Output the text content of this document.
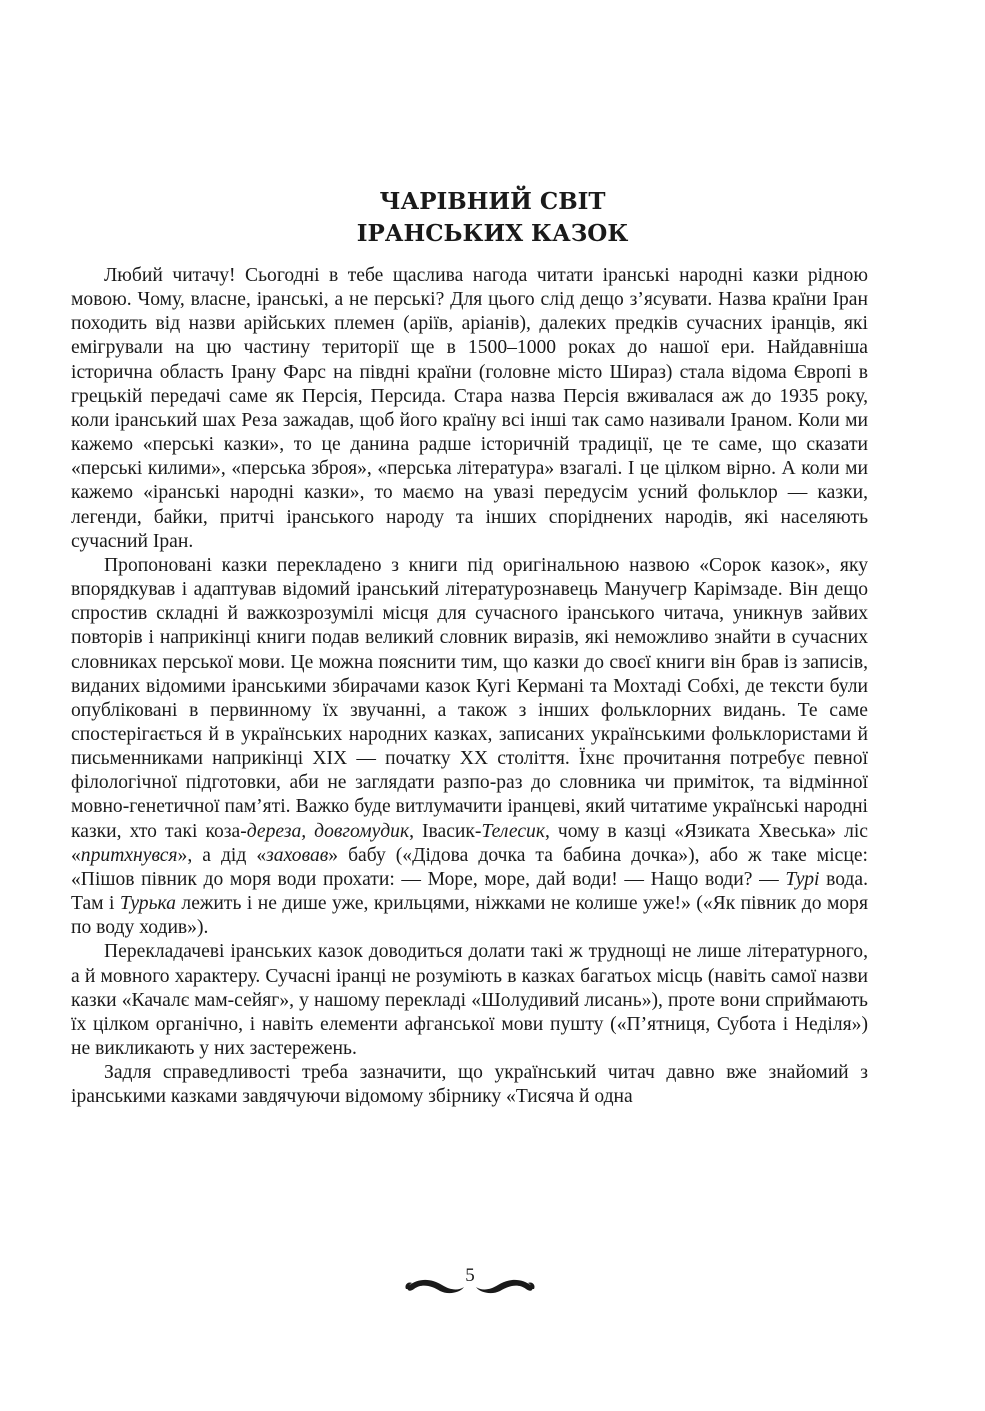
ЧАРІВНИЙ СВІТ
ІРАНСЬКИХ КАЗОК

Любий читачу! Сьогодні в тебе щаслива нагода читати іранські народні казки рідною мовою. Чому, власне, іранські, а не перські? Для цього слід дещо з’ясувати. Назва країни Іран походить від назви арійських племен (аріїв, аріанів), далеких предків сучасних іранців, які емігрували на цю частину території ще в 1500–1000 роках до нашої ери. Найдавніша історична область Ірану Фарс на півдні країни (головне місто Шираз) стала відома Європі в грецькій передачі саме як Персія, Персида. Стара назва Персія вживалася аж до 1935 року, коли іранський шах Реза зажадав, щоб його країну всі інші так само називали Іраном. Коли ми кажемо «перські казки», то це данина радше історичній традиції, це те саме, що сказати «перські килими», «перська зброя», «перська література» взагалі. І це цілком вірно. А коли ми кажемо «іранські народні казки», то маємо на увазі передусім усний фольклор — казки, легенди, байки, притчі іранського народу та інших споріднених народів, які населяють сучасний Іран.

Пропоновані казки перекладено з книги під оригінальною назвою «Сорок казок», яку впорядкував і адаптував відомий іранський літературознавець Манучегр Карімзаде. Він дещо спростив складні й важкозрозумілі місця для сучасного іранського читача, уникнув зайвих повторів і наприкінці книги подав великий словник виразів, які неможливо знайти в сучасних словниках перської мови. Це можна пояснити тим, що казки до своєї книги він брав із записів, виданих відомими іранськими збирачами казок Кугі Кермані та Мохтаді Собхі, де тексти були опубліковані в первинному їх звучанні, а також з інших фольклорних видань. Те саме спостерігається й в українських народних казках, записаних українськими фольклористами й письменниками наприкінці XIX — початку XX століття. Їхнє прочитання потребує певної філологічної підготовки, аби не заглядати разпо-раз до словника чи приміток, та відмінної мовно-генетичної пам’яті. Важко буде витлумачити іранцеві, який читатиме українські народні казки, хто такі коза-дереза, довгомудик, Івасик-Телесик, чому в казці «Язиката Хвеська» ліс «притхнувся», а дід «заховав» бабу («Дідова дочка та бабина дочка»), або ж таке місце: «Пішов півник до моря води прохати: — Море, море, дай води! — Нащо води? — Турі вода. Там і Турька лежить і не дише уже, крильцями, ніжками не колише уже!» («Як півник до моря по воду ходив»).

Перекладачеві іранських казок доводиться долати такі ж труднощі не лише літературного, а й мовного характеру. Сучасні іранці не розуміють в казках багатьох місць (навіть самої назви казки «Качалє мам-сейяг», у нашому перекладі «Шолудивий лисань»), проте вони сприймають їх цілком органічно, і навіть елементи афганської мови пушту («П’ятниця, Субота і Неділя») не викликають у них застережень.

Задля справедливості треба зазначити, що український читач давно вже знайомий з іранськими казками завдячуючи відомому збірнику «Тисяча й одна

5
